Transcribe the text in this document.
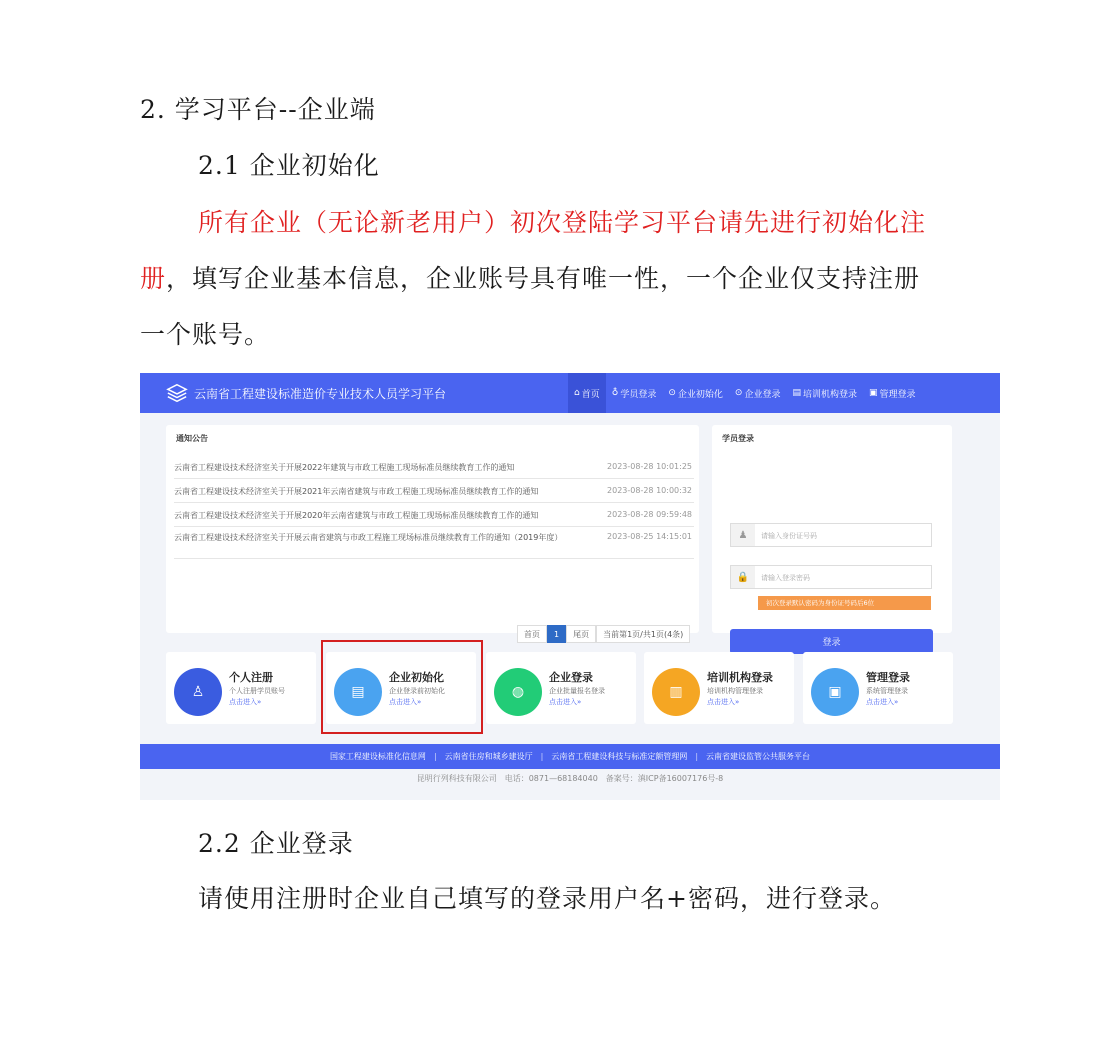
2. 学习平台--企业端
2.1 企业初始化
所有企业（无论新老用户）初次登陆学习平台请先进行初始化注
册，填写企业基本信息，企业账号具有唯一性，一个企业仅支持注册
一个账号。
云南省工程建设标准造价专业技术人员学习平台	⌂ 首页 ♁ 学员登录 ⊙ 企业初始化 ⊙ 企业登录 ▤ 培训机构登录 ▣ 管理登录
通知公告
云南省工程建设技术经济室关于开展2022年建筑与市政工程施工现场标准员继续教育工作的通知	2023-08-28 10:01:25
云南省工程建设技术经济室关于开展2021年云南省建筑与市政工程施工现场标准员继续教育工作的通知	2023-08-28 10:00:32
云南省工程建设技术经济室关于开展2020年云南省建筑与市政工程施工现场标准员继续教育工作的通知	2023-08-28 09:59:48
云南省工程建设技术经济室关于开展云南省建筑与市政工程施工现场标准员继续教育工作的通知（2019年度）	2023-08-25 14:15:01
首页	1	尾页	当前第1页/共1页(4条)
学员登录
♟	请输入身份证号码
🔒	请输入登录密码
初次登录默认密码为身份证号码后6位
登录
♙
个人注册
个人注册学员账号
点击进入»
▤
企业初始化
企业登录前初始化
点击进入»
◍
企业登录
企业批量报名登录
点击进入»
▥
培训机构登录
培训机构管理登录
点击进入»
▣
管理登录
系统管理登录
点击进入»
国家工程建设标准化信息网 | 云南省住房和城乡建设厅 | 云南省工程建设科技与标准定额管理网 | 云南省建设监管公共服务平台
昆明行列科技有限公司　电话：0871—68184040　备案号：滇ICP备16007176号-8
2.2 企业登录
请使用注册时企业自己填写的登录用户名+密码，进行登录。
